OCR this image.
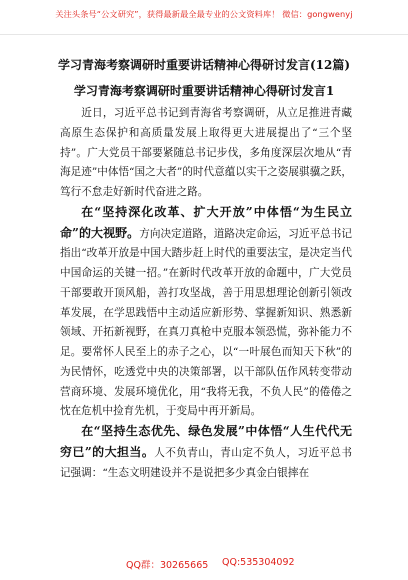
关注头条号“公文研究”，获得最新最全最专业的公文资料库！ 微信：gongwenyj
学习青海考察调研时重要讲话精神心得研讨发言(12篇)
学习青海考察调研时重要讲话精神心得研讨发言1

近日，习近平总书记到青海省考察调研，从立足推进青藏高原生态保护和高质量发展上取得更大进展提出了“三个坚持”。广大党员干部要紧随总书记步伐，多角度深层次地从“青海足迹”中体悟“国之大者”的时代意蕴以实干之姿展骐骥之跃，笃行不怠走好新时代奋进之路。

在“坚持深化改革、扩大开放”中体悟“为生民立命”的大视野。方向决定道路，道路决定命运，习近平总书记指出“改革开放是中国大踏步赶上时代的重要法宝，是决定当代中国命运的关键一招。”在新时代改革开放的命题中，广大党员干部要敢开顶风船，善打攻坚战，善于用思想理论创新引领改革发展，在学思践悟中主动适应新形势、掌握新知识、熟悉新领域、开拓新视野，在真刀真枪中克服本领恐慌，弥补能力不足。要常怀人民至上的赤子之心，以“一叶展色而知天下秋”的为民情怀，吃透党中央的决策部署，以干部队伍作风转变带动营商环境、发展环境优化，用“我将无我，不负人民”的倦倦之忱在危机中捡育先机，于变局中再开新局。

在“坚持生态优先、绿色发展”中体悟“人生代代无穷已”的大担当。人不负青山，青山定不负人，习近平总书记强调：“生态文明建设并不是说把多少真金白银摔在

QQ群：30265665 QQ:535304092
